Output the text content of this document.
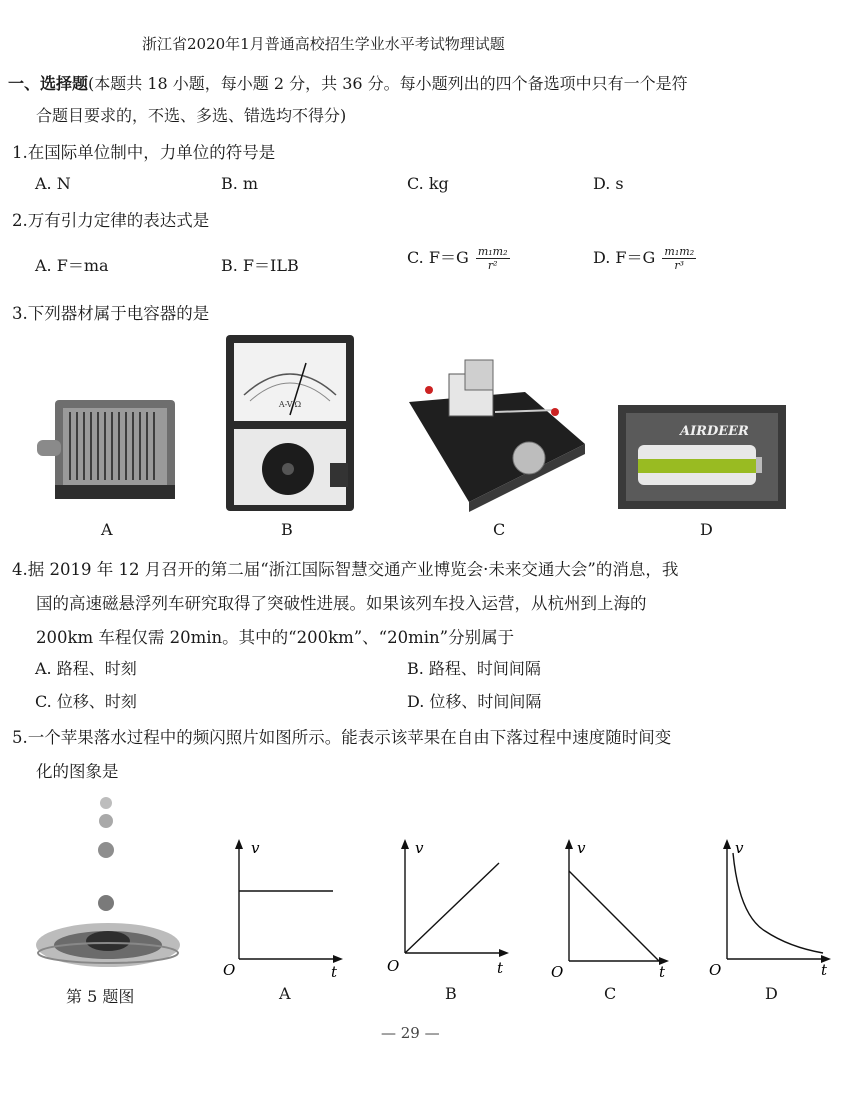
浙江省2020年1月普通高校招生学业水平考试物理试题
一、选择题(本题共 18 小题，每小题 2 分，共 36 分。每小题列出的四个备选项中只有一个是符
合题目要求的，不选、多选、错选均不得分)
1.在国际单位制中，力单位的符号是
A. N	B. m	C. kg	D. s
2.万有引力定律的表达式是
A. F＝ma	B. F＝ILB	C. $F=G \frac{\text{m₁m₂}}{\text{r²}}$	D. $F=G \frac{\text{m₁m₂}}{\text{r³}}$
3.下列器材属于电容器的是
A
A-V-Ω
B	C
AIRDEER
D
4.据 2019 年 12 月召开的第二届“浙江国际智慧交通产业博览会·未来交通大会”的消息，我
国的高速磁悬浮列车研究取得了突破性进展。如果该列车投入运营，从杭州到上海的
200km 车程仅需 20min。其中的“200km”、“20min”分别属于
A. 路程、时刻	B. 路程、时间间隔
C. 位移、时刻	D. 位移、时间间隔
5.一个苹果落水过程中的频闪照片如图所示。能表示该苹果在自由下落过程中速度随时间变
化的图象是
第 5 题图
v
t
O
A
v
t
O
B
v
t
O
C
v
t
O
D
— 29 —
